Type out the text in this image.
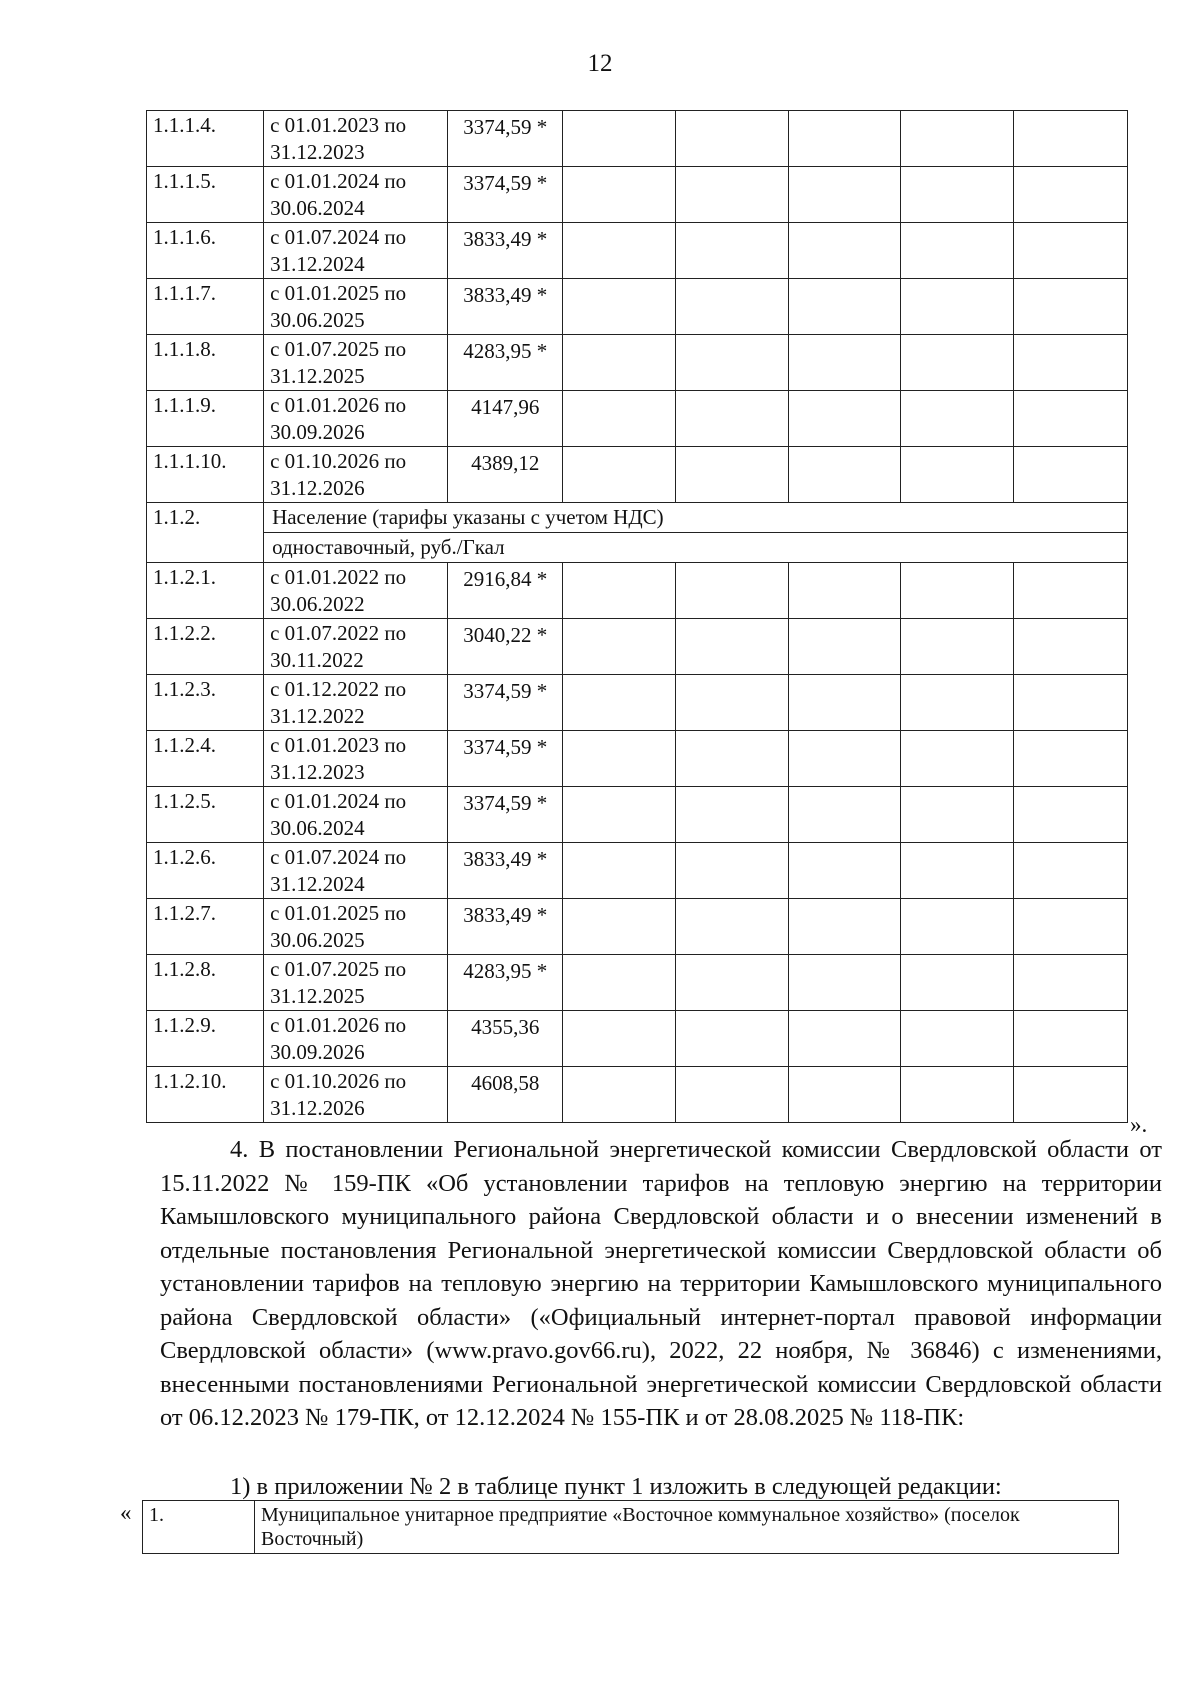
12
1.1.1.4.	с 01.01.2023 по 31.12.2023	3374,59 *					
1.1.1.5.	с 01.01.2024 по 30.06.2024	3374,59 *					
1.1.1.6.	с 01.07.2024 по 31.12.2024	3833,49 *					
1.1.1.7.	с 01.01.2025 по 30.06.2025	3833,49 *					
1.1.1.8.	с 01.07.2025 по 31.12.2025	4283,95 *					
1.1.1.9.	с 01.01.2026 по 30.09.2026	4147,96					
1.1.1.10.	с 01.10.2026 по 31.12.2026	4389,12					
1.1.2.	Население (тарифы указаны с учетом НДС)						
	одноставочный, руб./Гкал						
1.1.2.1.	с 01.01.2022 по 30.06.2022	2916,84 *					
1.1.2.2.	с 01.07.2022 по 30.11.2022	3040,22 *					
1.1.2.3.	с 01.12.2022 по 31.12.2022	3374,59 *					
1.1.2.4.	с 01.01.2023 по 31.12.2023	3374,59 *					
1.1.2.5.	с 01.01.2024 по 30.06.2024	3374,59 *					
1.1.2.6.	с 01.07.2024 по 31.12.2024	3833,49 *					
1.1.2.7.	с 01.01.2025 по 30.06.2025	3833,49 *					
1.1.2.8.	с 01.07.2025 по 31.12.2025	4283,95 *					
1.1.2.9.	с 01.01.2026 по 30.09.2026	4355,36					
1.1.2.10.	с 01.10.2026 по 31.12.2026	4608,58					
».
4. В постановлении Региональной энергетической комиссии Свердловской области от 15.11.2022 № 159-ПК «Об установлении тарифов на тепловую энергию на территории Камышловского муниципального района Свердловской области и о внесении изменений в отдельные постановления Региональной энергетической комиссии Свердловской области об установлении тарифов на тепловую энергию на территории Камышловского муниципального района Свердловской области» («Официальный интернет-портал правовой информации Свердловской области» (www.pravo.gov66.ru), 2022, 22 ноября, № 36846) с изменениями, внесенными постановлениями Региональной энергетической комиссии Свердловской области от 06.12.2023 № 179-ПК, от 12.12.2024 № 155-ПК и от 28.08.2025 № 118-ПК:
1) в приложении № 2 в таблице пункт 1 изложить в следующей редакции:
« 1.	Муниципальное унитарное предприятие «Восточное коммунальное хозяйство» (поселок Восточный)
